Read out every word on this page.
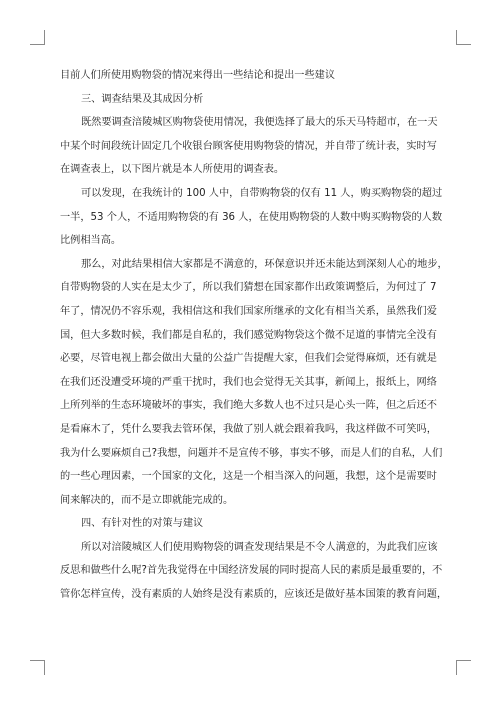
目前人们所使用购物袋的情况来得出一些结论和提出一些建议
三、调查结果及其成因分析
既然要调查涪陵城区购物袋使用情况，我便选择了最大的乐天马特超市，在一天
中某个时间段统计固定几个收银台顾客使用购物袋的情况，并自带了统计表，实时写
在调查表上，以下图片就是本人所使用的调查表。
可以发现，在我统计的 100 人中，自带购物袋的仅有 11 人，购买购物袋的超过
一半，53 个人，不适用购物袋的有 36 人，在使用购物袋的人数中购买购物袋的人数
比例相当高。
那么，对此结果相信大家都是不满意的，环保意识并还未能达到深刻人心的地步，
自带购物袋的人实在是太少了，所以我们猜想在国家都作出政策调整后，为何过了 7
年了，情况仍不容乐观，我相信这和我们国家所继承的文化有相当关系，虽然我们爱
国，但大多数时候，我们都是自私的，我们感觉购物袋这个微不足道的事情完全没有
必要，尽管电视上都会做出大量的公益广告提醒大家，但我们会觉得麻烦，还有就是
在我们还没遭受环境的严重干扰时，我们也会觉得无关其事，新闻上，报纸上，网络
上所列举的生态环境破坏的事实，我们绝大多数人也不过只是心头一阵，但之后还不
是看麻木了，凭什么要我去管环保，我做了别人就会跟着我吗，我这样做不可笑吗，
我为什么要麻烦自己?我想，问题并不是宣传不够，事实不够，而是人们的自私，人们
的一些心理因素，一个国家的文化，这是一个相当深入的问题，我想，这个是需要时
间来解决的，而不是立即就能完成的。
四、有针对性的对策与建议
所以对涪陵城区人们使用购物袋的调查发现结果是不令人满意的，为此我们应该
反思和做些什么呢?首先我觉得在中国经济发展的同时提高人民的素质是最重要的，不
管你怎样宣传，没有素质的人始终是没有素质的，应该还是做好基本国策的教育问题，
